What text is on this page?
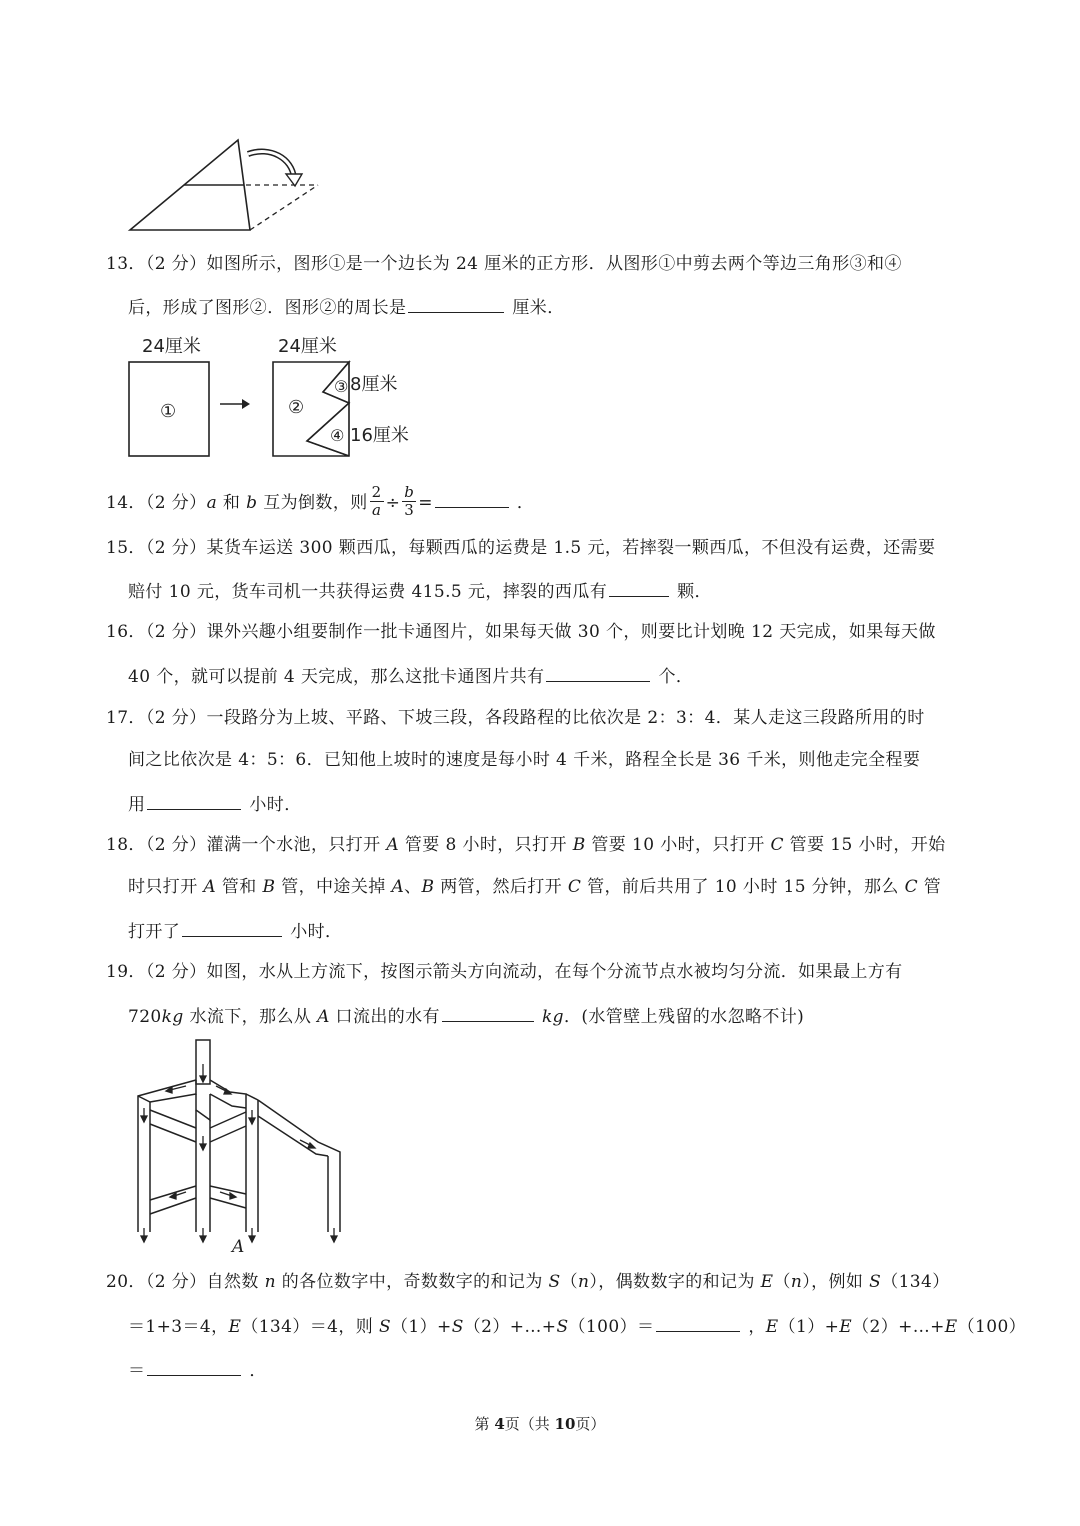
13．（2 分）如图所示，图形①是一个边长为 24 厘米的正方形．从图形①中剪去两个等边三角形③和④
后，形成了图形②．图形②的周长是	厘米．
24厘米
①
24厘米
②
③ 8厘米
④ 16厘米
14．（2 分）a 和 b 互为倒数，则 $\frac{2}{a} \div \frac{b}{3}$ =	．
15．（2 分）某货车运送 300 颗西瓜，每颗西瓜的运费是 1.5 元，若摔裂一颗西瓜，不但没有运费，还需要
赔付 10 元，货车司机一共获得运费 415.5 元，摔裂的西瓜有	颗．
16．（2 分）课外兴趣小组要制作一批卡通图片，如果每天做 30 个，则要比计划晚 12 天完成，如果每天做
40 个，就可以提前 4 天完成，那么这批卡通图片共有	个．
17．（2 分）一段路分为上坡、平路、下坡三段，各段路程的比依次是 2：3：4．某人走这三段路所用的时
间之比依次是 4：5：6．已知他上坡时的速度是每小时 4 千米，路程全长是 36 千米，则他走完全程要
用	小时．
18．（2 分）灌满一个水池，只打开 A 管要 8 小时，只打开 B 管要 10 小时，只打开 C 管要 15 小时，开始
时只打开 A 管和 B 管，中途关掉 A、B 两管，然后打开 C 管，前后共用了 10 小时 15 分钟，那么 C 管
打开了	小时．
19．（2 分）如图，水从上方流下，按图示箭头方向流动，在每个分流节点水被均匀分流．如果最上方有
720kg 水流下，那么从 A 口流出的水有	kg．(水管壁上残留的水忽略不计)
A
20．（2 分）自然数 n 的各位数字中，奇数数字的和记为 S（n），偶数数字的和记为 E（n），例如 S（134）
＝1+3＝4，E（134）＝4，则 S（1）+S（2）+…+S（100）＝	，E（1）+E（2）+…+E（100）
＝	．
第 4页（共 10页）
